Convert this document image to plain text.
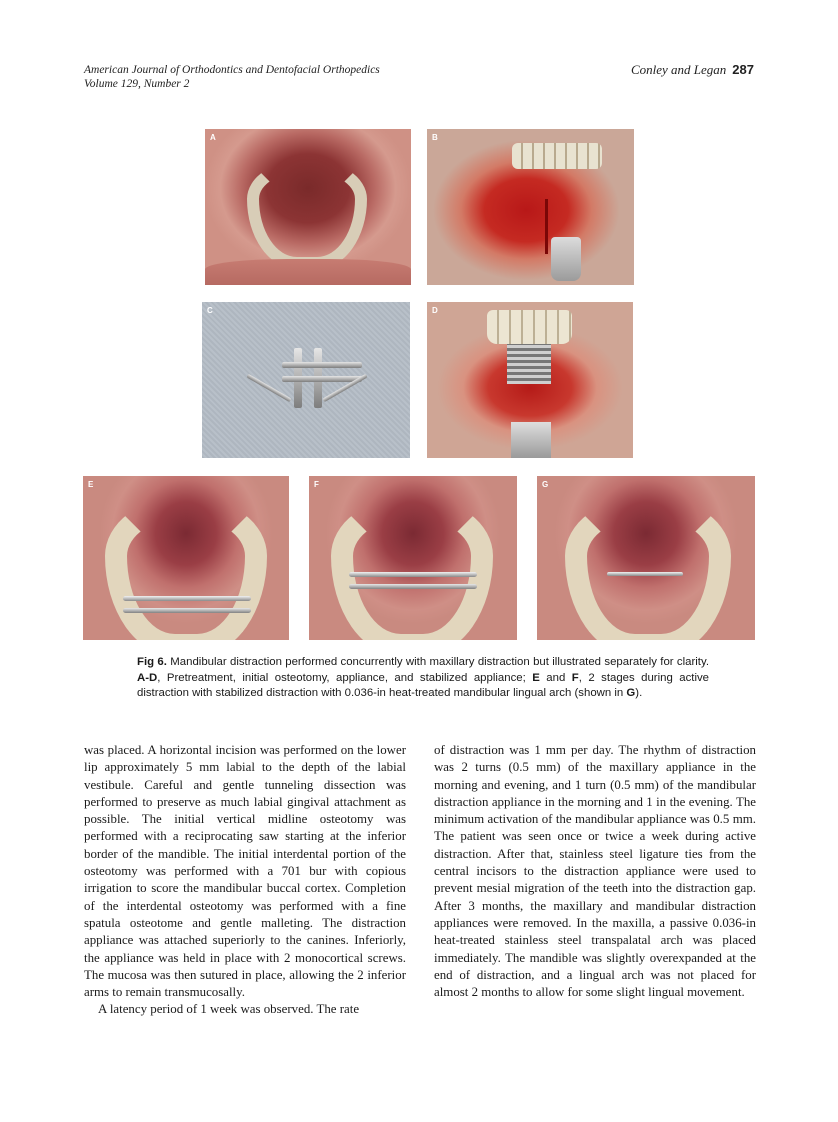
American Journal of Orthodontics and Dentofacial Orthopedics
Volume 129, Number 2
Conley and Legan 287
A	B
C	D
E	F	G
Fig 6. Mandibular distraction performed concurrently with maxillary distraction but illustrated separately for clarity. A-D, Pretreatment, initial osteotomy, appliance, and stabilized appliance; E and F, 2 stages during active distraction with stabilized distraction with 0.036-in heat-treated mandibular lingual arch (shown in G).

was placed. A horizontal incision was performed on the lower lip approximately 5 mm labial to the depth of the labial vestibule. Careful and gentle tunneling dissection was performed to preserve as much labial gingival attachment as possible. The initial vertical midline osteotomy was performed with a reciprocating saw starting at the inferior border of the mandible. The initial interdental portion of the osteotomy was performed with a 701 bur with copious irrigation to score the mandibular buccal cortex. Completion of the interdental osteotomy was performed with a fine spatula osteotome and gentle malleting. The distraction appliance was attached superiorly to the canines. Inferiorly, the appliance was held in place with 2 monocortical screws. The mucosa was then sutured in place, allowing the 2 inferior arms to remain transmucosally.

A latency period of 1 week was observed. The rate

of distraction was 1 mm per day. The rhythm of distraction was 2 turns (0.5 mm) of the maxillary appliance in the morning and evening, and 1 turn (0.5 mm) of the mandibular distraction appliance in the morning and 1 in the evening. The minimum activation of the mandibular appliance was 0.5 mm. The patient was seen once or twice a week during active distraction. After that, stainless steel ligature ties from the central incisors to the distraction appliance were used to prevent mesial migration of the teeth into the distraction gap. After 3 months, the maxillary and mandibular distraction appliances were removed. In the maxilla, a passive 0.036-in heat-treated stainless steel transpalatal arch was placed immediately. The mandible was slightly overexpanded at the end of distraction, and a lingual arch was not placed for almost 2 months to allow for some slight lingual movement.
